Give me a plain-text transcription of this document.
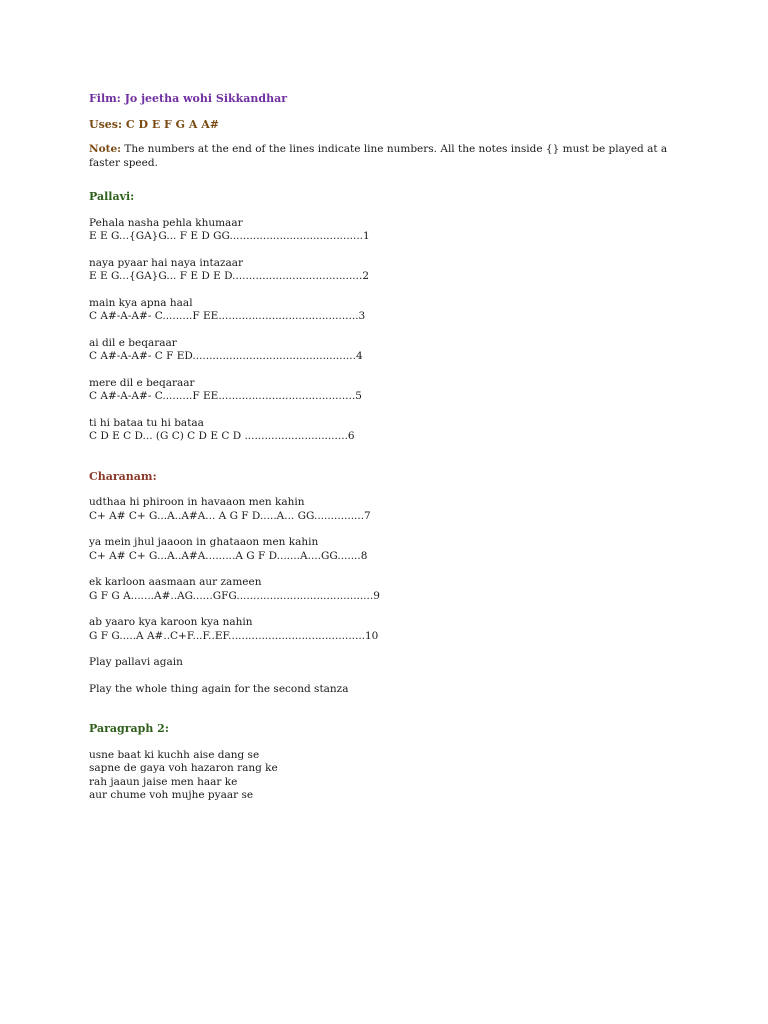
Film: Jo jeetha wohi Sikkandhar
Uses: C D E F G A A#
Note: The numbers at the end of the lines indicate line numbers. All the notes inside {} must be played at a faster speed.
Pallavi:
Pehala nasha pehla khumaar
E E G...{GA}G... F E D GG........................................1
naya pyaar hai naya intazaar
E E G...{GA}G... F E D E D.......................................2
main kya apna haal
C A#-A-A#- C.........F EE..........................................3
ai dil e beqaraar
C A#-A-A#- C F ED.................................................4
mere dil e beqaraar
C A#-A-A#- C.........F EE.........................................5
ti hi bataa tu hi bataa
C D E C D... (G C) C D E C D ...............................6
Charanam:
udthaa hi phiroon in havaaon men kahin
C+ A# C+ G...A..A#A... A G F D.....A... GG...............7
ya mein jhul jaaoon in ghataaon men kahin
C+ A# C+ G...A..A#A.........A G F D.......A....GG.......8
ek karloon aasmaan aur zameen
G F G A.......A#..AG......GFG.........................................9
ab yaaro kya karoon kya nahin
G F G.....A A#..C+F...F..EF.........................................10
Play pallavi again
Play the whole thing again for the second stanza
Paragraph 2:
usne baat ki kuchh aise dang se
sapne de gaya voh hazaron rang ke
rah jaaun jaise men haar ke
aur chume voh mujhe pyaar se
